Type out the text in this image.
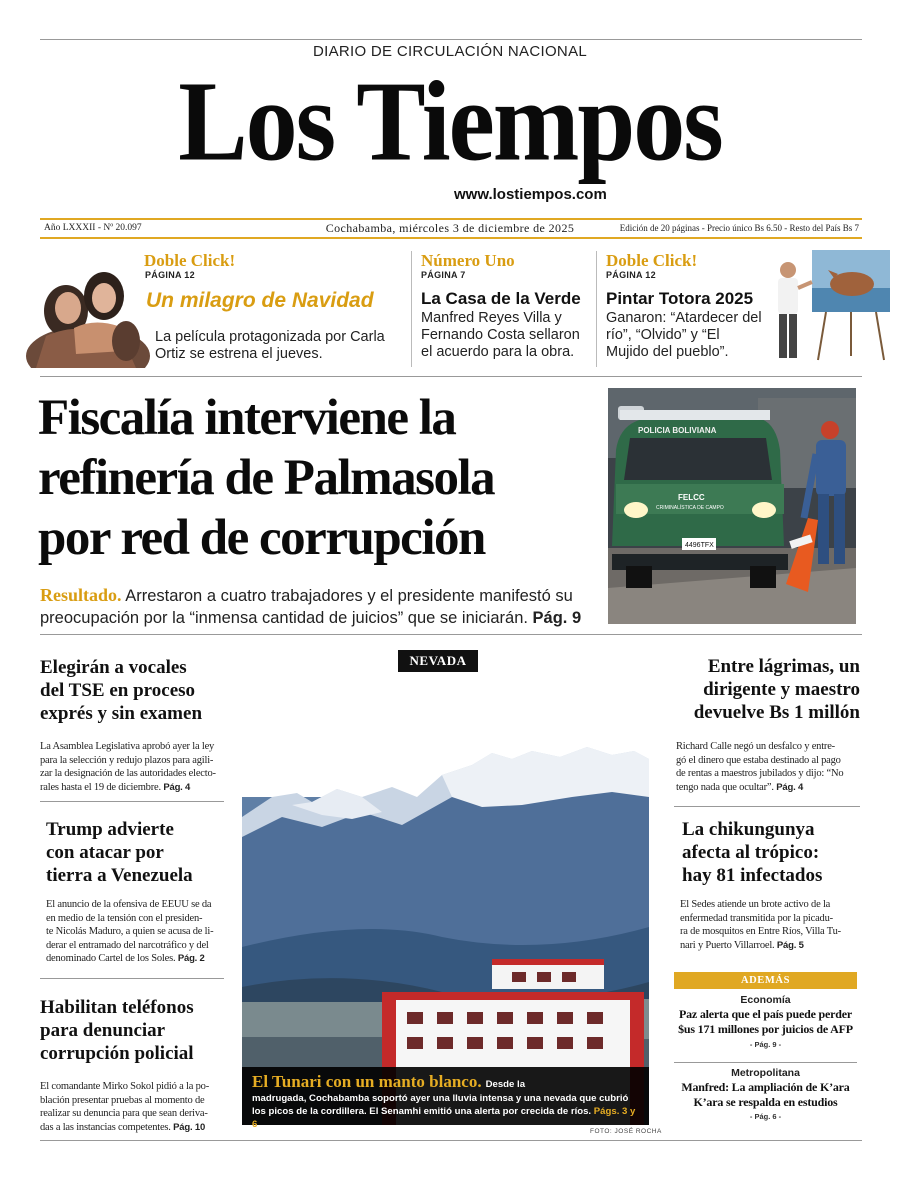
DIARIO DE CIRCULACIÓN NACIONAL
Los Tiempos
www.lostiempos.com
Año LXXXII - Nº 20.097	Cochabamba, miércoles 3 de diciembre de 2025	Edición de 20 páginas - Precio único Bs 6.50 - Resto del País Bs 7
Doble Click!
PÁGINA 12
Un milagro de Navidad
La película protagonizada por Carla Ortiz se estrena el jueves.
Número Uno
PÁGINA 7
La Casa de la Verde
Manfred Reyes Villa y Fernando Costa sellaron el acuerdo para la obra.
Doble Click!
PÁGINA 12
Pintar Totora 2025
Ganaron: “Atardecer del río”, “Olvido” y “El Mujido del pueblo”.
Fiscalía interviene la
refinería de Palmasola
por red de corrupción
Resultado. Arrestaron a cuatro trabajadores y el presidente manifestó su preocupación por la “inmensa cantidad de juicios” que se iniciarán. Pág. 9
POLICIA BOLIVIANA
FELCC
CRIMINALÍSTICA DE CAMPO
4496TFX
Elegirán a vocales
del TSE en proceso
exprés y sin examen
La Asamblea Legislativa aprobó ayer la ley
para la selección y redujo plazos para agili-
zar la designación de las autoridades electo-
rales hasta el 19 de diciembre. Pág. 4
Trump advierte
con atacar por
tierra a Venezuela
El anuncio de la ofensiva de EEUU se da
en medio de la tensión con el presiden-
te Nicolás Maduro, a quien se acusa de li-
derar el entramado del narcotráfico y del
denominado Cartel de los Soles. Pág. 2
Habilitan teléfonos
para denunciar
corrupción policial
El comandante Mirko Sokol pidió a la po-
blación presentar pruebas al momento de
realizar su denuncia para que sean deriva-
das a las instancias competentes. Pág. 10
NEVADA
El Tunari con un manto blanco. Desde la
madrugada, Cochabamba soportó ayer una lluvia intensa y una nevada que cubrió
los picos de la cordillera. El Senamhi emitió una alerta por crecida de ríos. Págs. 3 y 6
FOTO: JOSÉ ROCHA
Entre lágrimas, un
dirigente y maestro
devuelve Bs 1 millón
Richard Calle negó un desfalco y entre-
gó el dinero que estaba destinado al pago
de rentas a maestros jubilados y dijo: “No
tengo nada que ocultar”. Pág. 4
La chikungunya
afecta al trópico:
hay 81 infectados
El Sedes atiende un brote activo de la
enfermedad transmitida por la picadu-
ra de mosquitos en Entre Ríos, Villa Tu-
nari y Puerto Villarroel. Pág. 5
ADEMÁS
Economía
Paz alerta que el país puede perder
$us 171 millones por juicios de AFP
- Pág. 9 -
Metropolitana
Manfred: La ampliación de K’ara
K’ara se respalda en estudios
- Pág. 6 -
